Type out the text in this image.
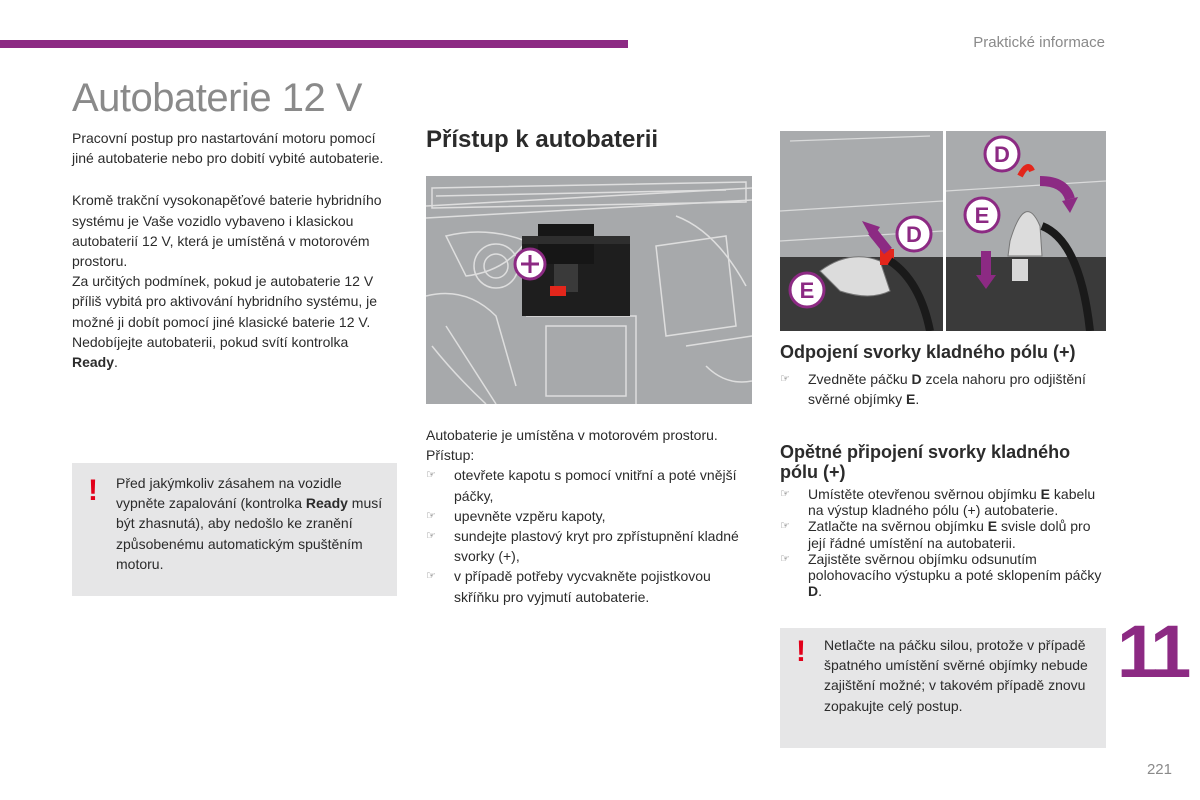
Praktické informace
Autobaterie 12 V

Pracovní postup pro nastartování motoru pomocí jiné autobaterie nebo pro dobití vybité autobaterie.

Kromě trakční vysokonapěťové baterie hybridního systému je Vaše vozidlo vybaveno i klasickou autobaterií 12 V, která je umístěná v motorovém prostoru.

Za určitých podmínek, pokud je autobaterie 12 V příliš vybitá pro aktivování hybridního systému, je možné ji dobít pomocí jiné klasické baterie 12 V.

Nedobíjejte autobaterii, pokud svítí kontrolka Ready.

! Před jakýmkoliv zásahem na vozidle vypněte zapalování (kontrolka Ready musí být zhasnutá), aby nedošlo ke zranění způsobenému automatickým spuštěním motoru.
Přístup k autobaterii

Autobaterie je umístěna v motorovém prostoru.

Přístup:

☞ otevřete kapotu s pomocí vnitřní a poté vnější páčky,
☞ upevněte vzpěru kapoty,
☞ sundejte plastový kryt pro zpřístupnění kladné svorky (+),
☞ v případě potřeby vycvakněte pojistkovou skříňku pro vyjmutí autobaterie.
D
E
D
E
Odpojení svorky kladného pólu (+)
☞ Zvedněte páčku D zcela nahoru pro odjištění svěrné objímky E.
Opětné připojení svorky kladného pólu (+)
☞ Umístěte otevřenou svěrnou objímku E kabelu na výstup kladného pólu (+) autobaterie.
☞ Zatlačte na svěrnou objímku E svisle dolů pro její řádné umístění na autobaterii.
☞ Zajistěte svěrnou objímku odsunutím polohovacího výstupku a poté sklopením páčky D.
! Netlačte na páčku silou, protože v případě špatného umístění svěrné objímky nebude zajištění možné; v takovém případě znovu zopakujte celý postup.
11
221
